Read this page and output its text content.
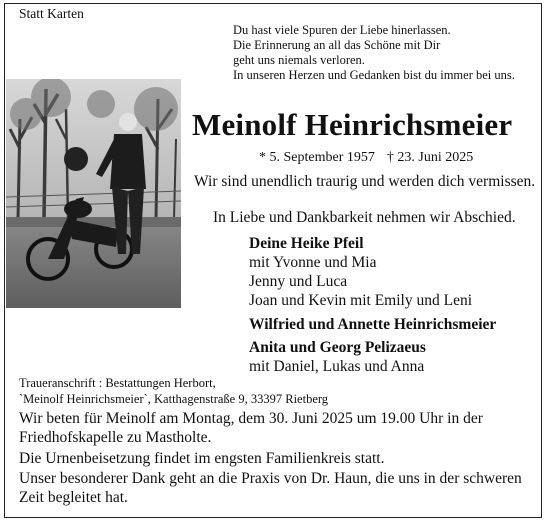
Statt Karten
Du hast viele Spuren der Liebe hinerlassen.
Die Erinnerung an all das Schöne mit Dir
geht uns niemals verloren.
In unseren Herzen und Gedanken bist du immer bei uns.
Meinolf Heinrichsmeier
* 5. September 1957 † 23. Juni 2025
Wir sind unendlich traurig und werden dich vermissen.
In Liebe und Dankbarkeit nehmen wir Abschied.
Deine Heike Pfeil
mit Yvonne und Mia
Jenny und Luca
Joan und Kevin mit Emily und Leni
Wilfried und Annette Heinrichsmeier
Anita und Georg Pelizaeus
mit Daniel, Lukas und Anna
Traueranschrift : Bestattungen Herbort,
`Meinolf Heinrichsmeier`, Katthagenstraße 9, 33397 Rietberg
Wir beten für Meinolf am Montag, dem 30. Juni 2025 um 19.00 Uhr in der
Friedhofskapelle zu Mastholte.
Die Urnenbeisetzung findet im engsten Familienkreis statt.
Unser besonderer Dank geht an die Praxis von Dr. Haun, die uns in der schweren
Zeit begleitet hat.
